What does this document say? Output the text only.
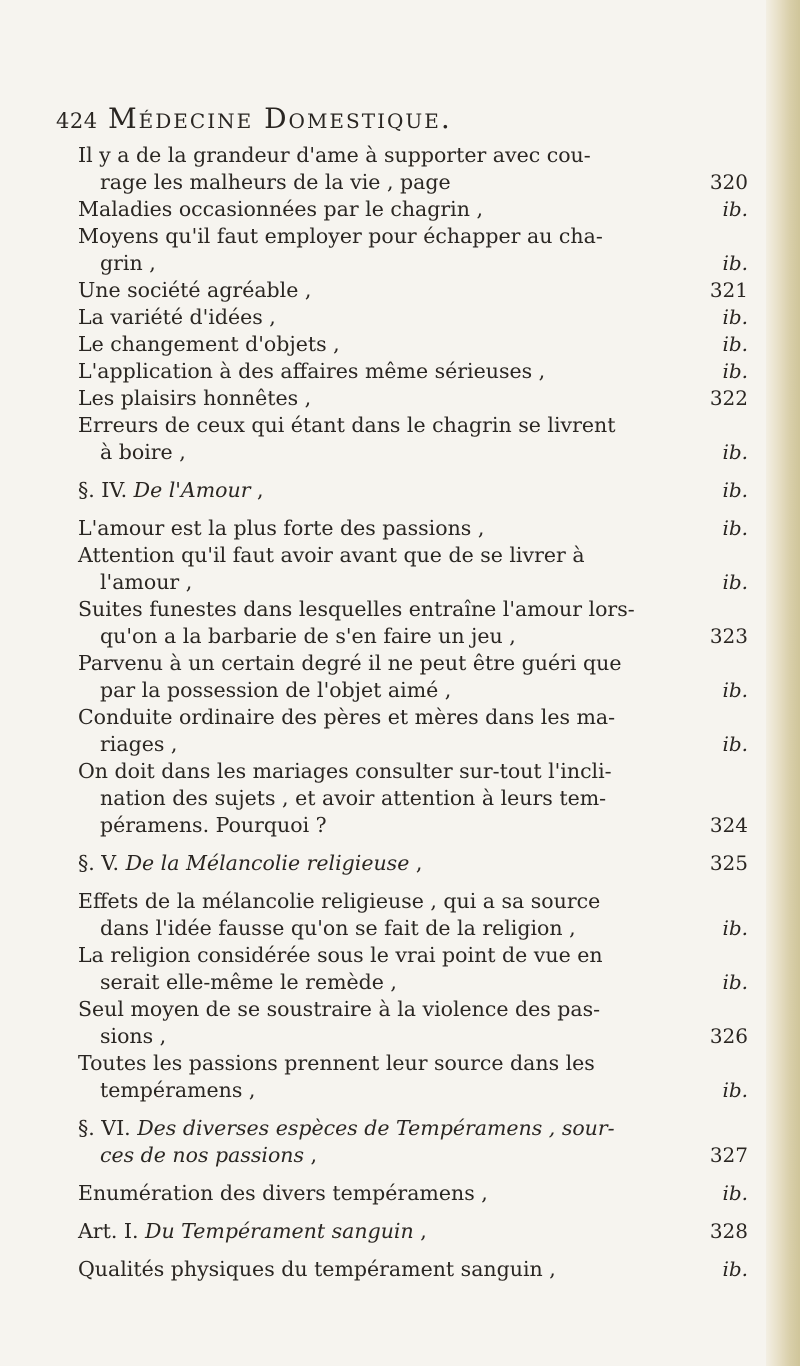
424 Médecine Domestique.
Il y a de la grandeur d'ame à supporter avec cou-
rage les malheurs de la vie , page	320
Maladies occasionnées par le chagrin ,	ib.
Moyens qu'il faut employer pour échapper au cha-
grin ,	ib.
Une société agréable ,	321
La variété d'idées ,	ib.
Le changement d'objets ,	ib.
L'application à des affaires même sérieuses ,	ib.
Les plaisirs honnêtes ,	322
Erreurs de ceux qui étant dans le chagrin se livrent
à boire ,	ib.
§. IV. De l'Amour ,	ib.
L'amour est la plus forte des passions ,	ib.
Attention qu'il faut avoir avant que de se livrer à
l'amour ,	ib.
Suites funestes dans lesquelles entraîne l'amour lors-
qu'on a la barbarie de s'en faire un jeu ,	323
Parvenu à un certain degré il ne peut être guéri que
par la possession de l'objet aimé ,	ib.
Conduite ordinaire des pères et mères dans les ma-
riages ,	ib.
On doit dans les mariages consulter sur-tout l'incli-
nation des sujets , et avoir attention à leurs tem-
péramens. Pourquoi ?	324
§. V. De la Mélancolie religieuse ,	325
Effets de la mélancolie religieuse , qui a sa source
dans l'idée fausse qu'on se fait de la religion ,	ib.
La religion considérée sous le vrai point de vue en
serait elle-même le remède ,	ib.
Seul moyen de se soustraire à la violence des pas-
sions ,	326
Toutes les passions prennent leur source dans les
tempéramens ,	ib.
§. VI. Des diverses espèces de Tempéramens , sour-
ces de nos passions ,	327
Enumération des divers tempéramens ,	ib.
Art. I. Du Tempérament sanguin ,	328
Qualités physiques du tempérament sanguin ,	ib.
